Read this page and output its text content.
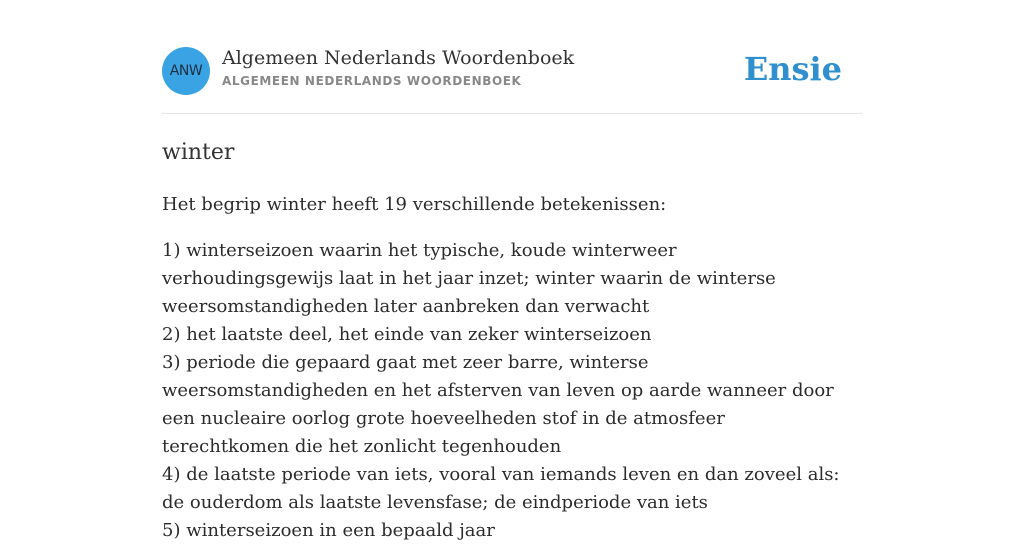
ANW
Algemeen Nederlands Woordenboek
ALGEMEEN NEDERLANDS WOORDENBOEK	Ensie
winter
Het begrip winter heeft 19 verschillende betekenissen:
1) winterseizoen waarin het typische, koude winterweer verhoudingsgewijs laat in het jaar inzet; winter waarin de winterse weersomstandigheden later aanbreken dan verwacht
2) het laatste deel, het einde van zeker winterseizoen
3) periode die gepaard gaat met zeer barre, winterse weersomstandigheden en het afsterven van leven op aarde wanneer door een nucleaire oorlog grote hoeveelheden stof in de atmosfeer terechtkomen die het zonlicht tegenhouden
4) de laatste periode van iets, vooral van iemands leven en dan zoveel als: de ouderdom als laatste levensfase; de eindperiode van iets
5) winterseizoen in een bepaald jaar
